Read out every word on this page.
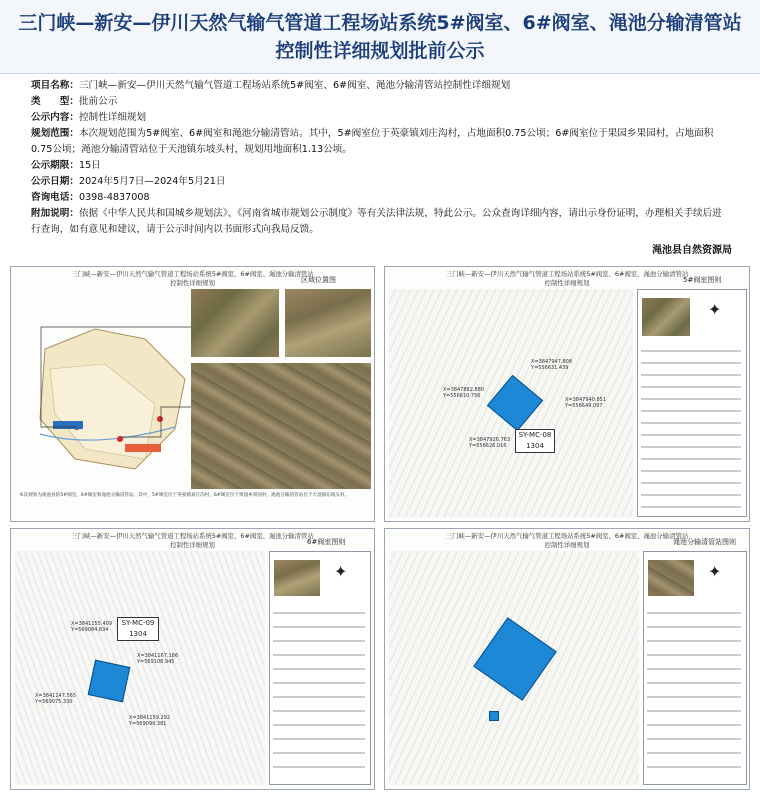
三门峡—新安—伊川天然气输气管道工程场站系统5#阀室、6#阀室、渑池分输清管站
控制性详细规划批前公示
项目名称：三门峡—新安—伊川天然气输气管道工程场站系统5#阀室、6#阀室、渑池分输清管站控制性详细规划
类　　型：批前公示
公示内容：控制性详细规划
规划范围：本次规划范围为5#阀室、6#阀室和渑池分输清管站。其中，5#阀室位于英豪镇刘庄沟村，占地面积0.75公顷；6#阀室位于果园乡果园村，占地面积0.75公顷；渑池分输清管站位于天池镇东坡头村，规划用地面积1.13公顷。
公示期限：15日
公示日期：2024年5月7日—2024年5月21日
咨询电话：0398-4837008
附加说明：依据《中华人民共和国城乡规划法》、《河南省城市规划公示制度》等有关法律法规，特此公示。公众查询详细内容，请出示身份证明，办理相关手续后进行查询，如有意见和建议，请于公示时间内以书面形式向我局反馈。
渑池县自然资源局
三门峡—新安—伊川天然气输气管道工程场站系统5#阀室、6#阀室、渑池分输清管站
控制性详细规划	区域位置图
本次规划为渑池县的5#阀室、6#阀室和渑池分输清管站。其中，5#阀室位于英豪镇刘庄沟村，6#阀室位于果园乡果园村，渑池分输清管站位于天池镇东坡头村。
三门峡—新安—伊川天然气输气管道工程场站系统5#阀室、6#阀室、渑池分输清管站
控制性详细规划	5#阀室图则
✦
X=3847947.808
Y=556631.439
X=3847882.880
Y=556610.756
X=3847940.851
Y=556649.097
X=3847926.763
Y=556626.016
SY-MC-08
1304
三门峡—新安—伊川天然气输气管道工程场站系统5#阀室、6#阀室、渑池分输清管站
控制性详细规划	6#阀室图则
✦
SY-MC-09
1304
X=3841155.409
Y=569084.834
X=3841167.186
Y=569108.945
X=3841147.565
Y=569075.330
X=3841159.292
Y=569099.381
三门峡—新安—伊川天然气输气管道工程场站系统5#阀室、6#阀室、渑池分输清管站
控制性详细规划	渑池分输清管站图则
✦
